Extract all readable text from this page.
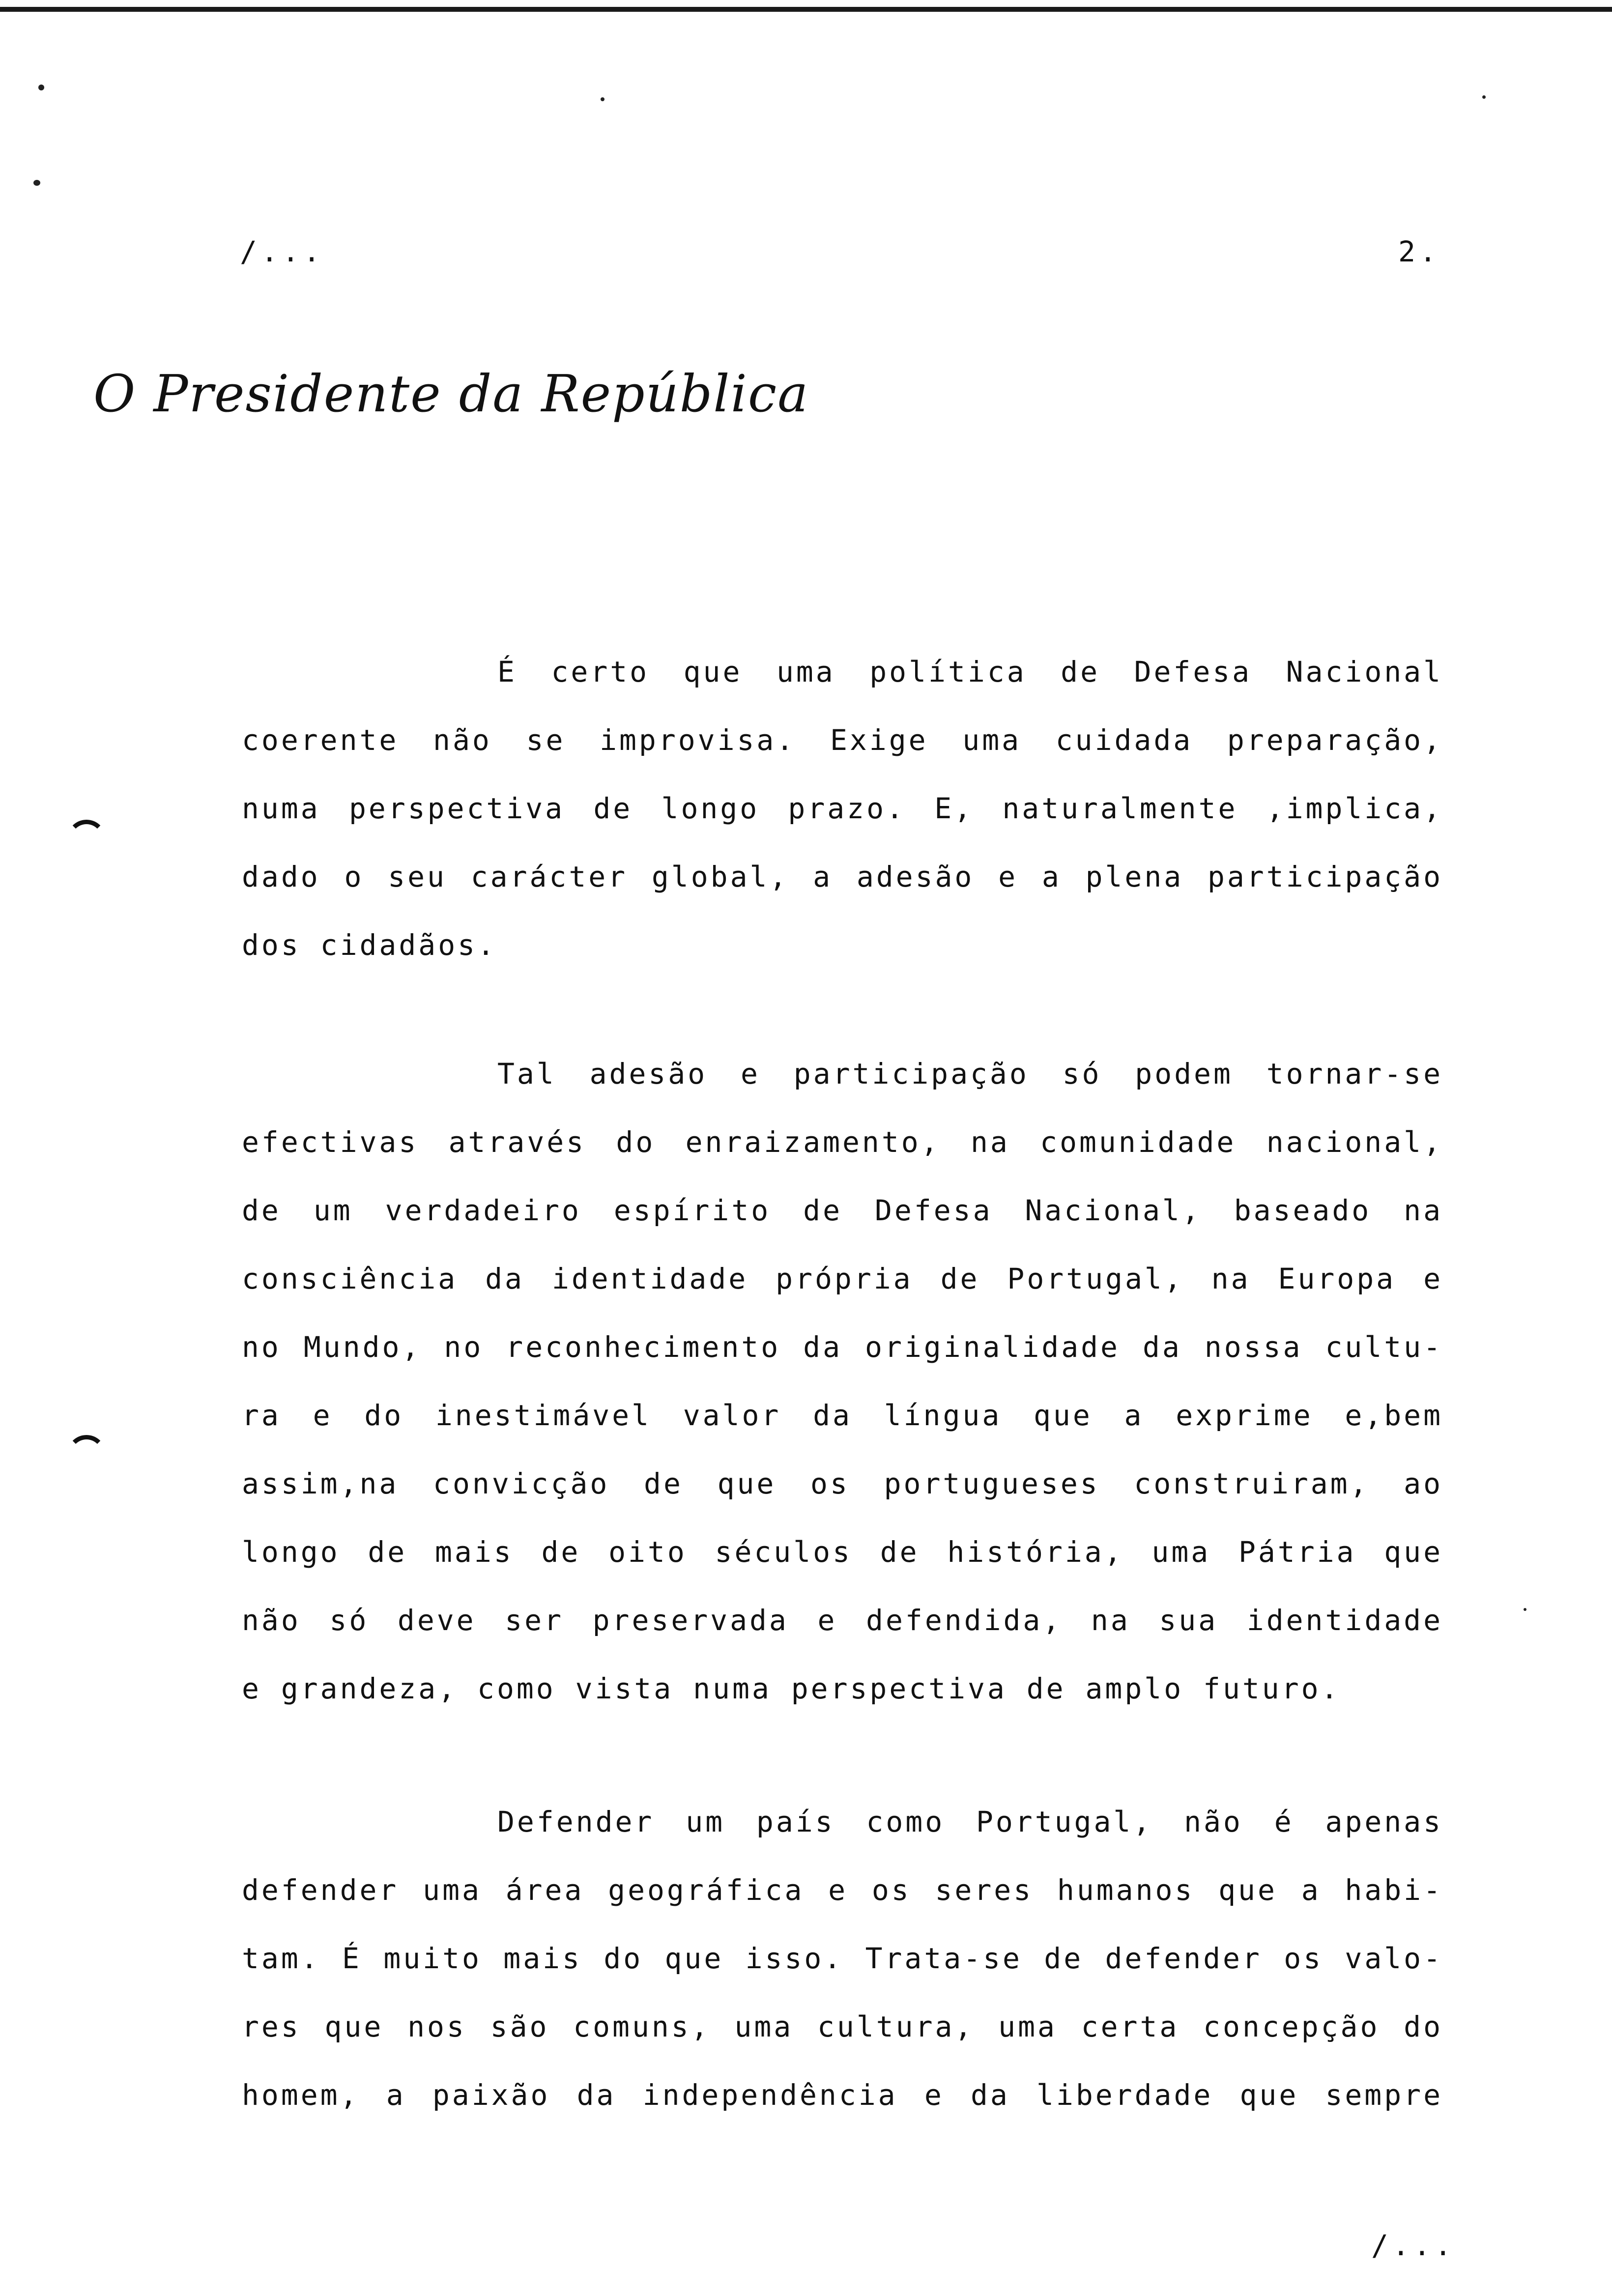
/...	2.
O Presidente da República
É certo que uma política de Defesa Nacional
coerente não se improvisa. Exige uma cuidada preparação,
numa perspectiva de longo prazo. E, naturalmente ,implica,
dado o seu carácter global, a adesão e a plena participação
dos cidadãos.
Tal adesão e participação só podem tornar-se
efectivas através do enraizamento, na comunidade nacional,
de um verdadeiro espírito de Defesa Nacional, baseado na
consciência da identidade própria de Portugal, na Europa e
no Mundo, no reconhecimento da originalidade da nossa cultu-
ra e do inestimável valor da língua que a exprime e,bem
assim,na convicção de que os portugueses construiram, ao
longo de mais de oito séculos de história, uma Pátria que
não só deve ser preservada e defendida, na sua identidade
e grandeza, como vista numa perspectiva de amplo futuro.
Defender um país como Portugal, não é apenas
defender uma área geográfica e os seres humanos que a habi-
tam. É muito mais do que isso. Trata-se de defender os valo-
res que nos são comuns, uma cultura, uma certa concepção do
homem, a paixão da independência e da liberdade que sempre
/...
